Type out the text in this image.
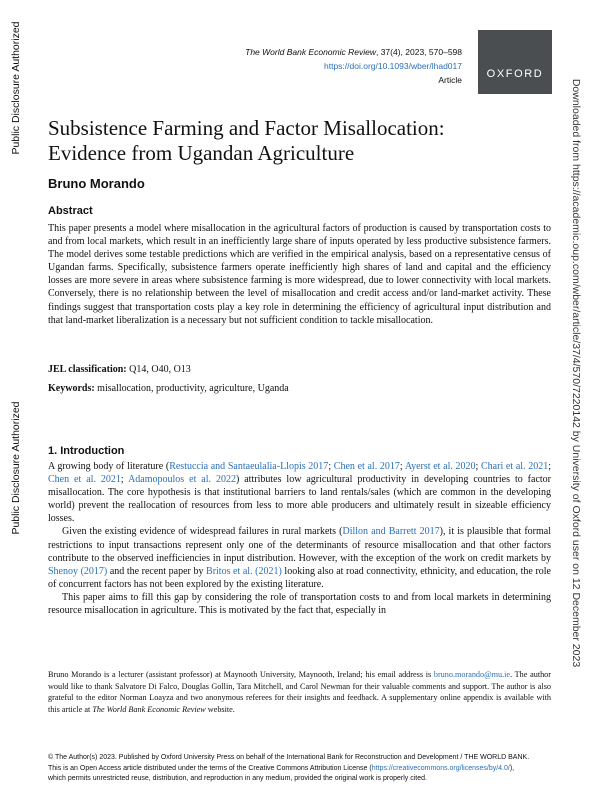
Public Disclosure Authorized
Public Disclosure Authorized	Downloaded from https://academic.oup.com/wber/article/37/4/570/7220142 by University of Oxford user on 12 December 2023
The World Bank Economic Review, 37(4), 2023, 570–598
https://doi.org/10.1093/wber/lhad017
Article OXFORD
Subsistence Farming and Factor Misallocation:
Evidence from Ugandan Agriculture
Bruno Morando
Abstract

This paper presents a model where misallocation in the agricultural factors of production is caused by transportation costs to and from local markets, which result in an inefficiently large share of inputs operated by less productive subsistence farmers. The model derives some testable predictions which are verified in the empirical analysis, based on a representative census of Ugandan farms. Specifically, subsistence farmers operate inefficiently high shares of land and capital and the efficiency losses are more severe in areas where subsistence farming is more widespread, due to lower connectivity with local markets. Conversely, there is no relationship between the level of misallocation and credit access and/or land-market activity. These findings suggest that transportation costs play a key role in determining the efficiency of agricultural input distribution and that land-market liberalization is a necessary but not sufficient condition to tackle misallocation.

JEL classification: Q14, O40, O13
Keywords: misallocation, productivity, agriculture, Uganda
1. Introduction

A growing body of literature (Restuccia and Santaeulalia-Llopis 2017; Chen et al. 2017; Ayerst et al. 2020; Chari et al. 2021; Chen et al. 2021; Adamopoulos et al. 2022) attributes low agricultural productivity in developing countries to factor misallocation. The core hypothesis is that institutional barriers to land rentals/sales (which are common in the developing world) prevent the reallocation of resources from less to more able producers and ultimately result in sizeable efficiency losses.

Given the existing evidence of widespread failures in rural markets (Dillon and Barrett 2017), it is plausible that formal restrictions to input transactions represent only one of the determinants of resource misallocation and that other factors contribute to the observed inefficiencies in input distribution. However, with the exception of the work on credit markets by Shenoy (2017) and the recent paper by Britos et al. (2021) looking also at road connectivity, ethnicity, and education, the role of concurrent factors has not been explored by the existing literature.

This paper aims to fill this gap by considering the role of transportation costs to and from local markets in determining resource misallocation in agriculture. This is motivated by the fact that, especially in

Bruno Morando is a lecturer (assistant professor) at Maynooth University, Maynooth, Ireland; his email address is bruno.morando@mu.ie. The author would like to thank Salvatore Di Falco, Douglas Gollin, Tara Mitchell, and Carol Newman for their valuable comments and support. The author is also grateful to the editor Norman Loayza and two anonymous referees for their insights and feedback. A supplementary online appendix is available with this article at The World Bank Economic Review website.

© The Author(s) 2023. Published by Oxford University Press on behalf of the International Bank for Reconstruction and Development / THE WORLD BANK.
This is an Open Access article distributed under the terms of the Creative Commons Attribution License (https://creativecommons.org/licenses/by/4.0/),
which permits unrestricted reuse, distribution, and reproduction in any medium, provided the original work is properly cited.
